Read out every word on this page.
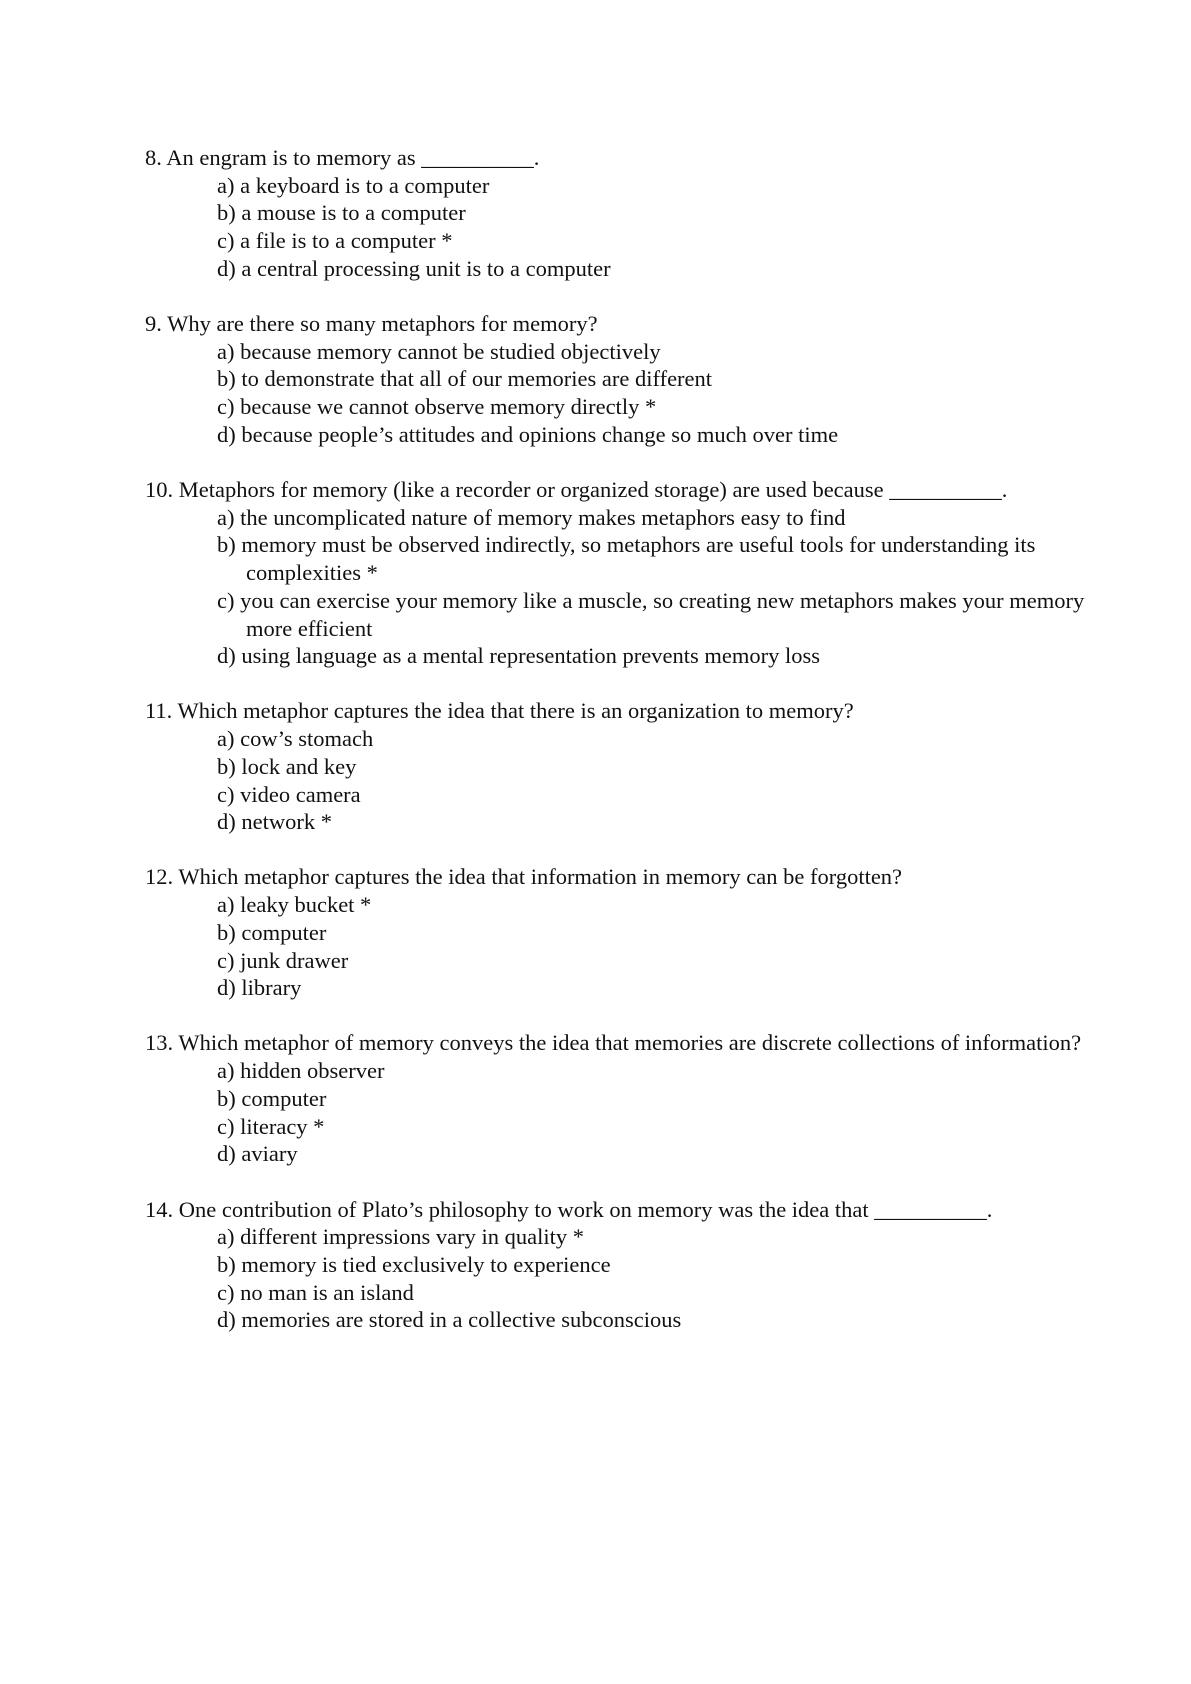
8. An engram is to memory as __________.

a) a keyboard is to a computer
b) a mouse is to a computer
c) a file is to a computer *
d) a central processing unit is to a computer

9. Why are there so many metaphors for memory?

a) because memory cannot be studied objectively
b) to demonstrate that all of our memories are different
c) because we cannot observe memory directly *
d) because people’s attitudes and opinions change so much over time

10. Metaphors for memory (like a recorder or organized storage) are used because __________.

a) the uncomplicated nature of memory makes metaphors easy to find
b) memory must be observed indirectly, so metaphors are useful tools for understanding its complexities *
c) you can exercise your memory like a muscle, so creating new metaphors makes your memory more efficient
d) using language as a mental representation prevents memory loss

11. Which metaphor captures the idea that there is an organization to memory?

a) cow’s stomach
b) lock and key
c) video camera
d) network *

12. Which metaphor captures the idea that information in memory can be forgotten?

a) leaky bucket *
b) computer
c) junk drawer
d) library

13. Which metaphor of memory conveys the idea that memories are discrete collections of information?

a) hidden observer
b) computer
c) literacy *
d) aviary

14. One contribution of Plato’s philosophy to work on memory was the idea that __________.

a) different impressions vary in quality *
b) memory is tied exclusively to experience
c) no man is an island
d) memories are stored in a collective subconscious
